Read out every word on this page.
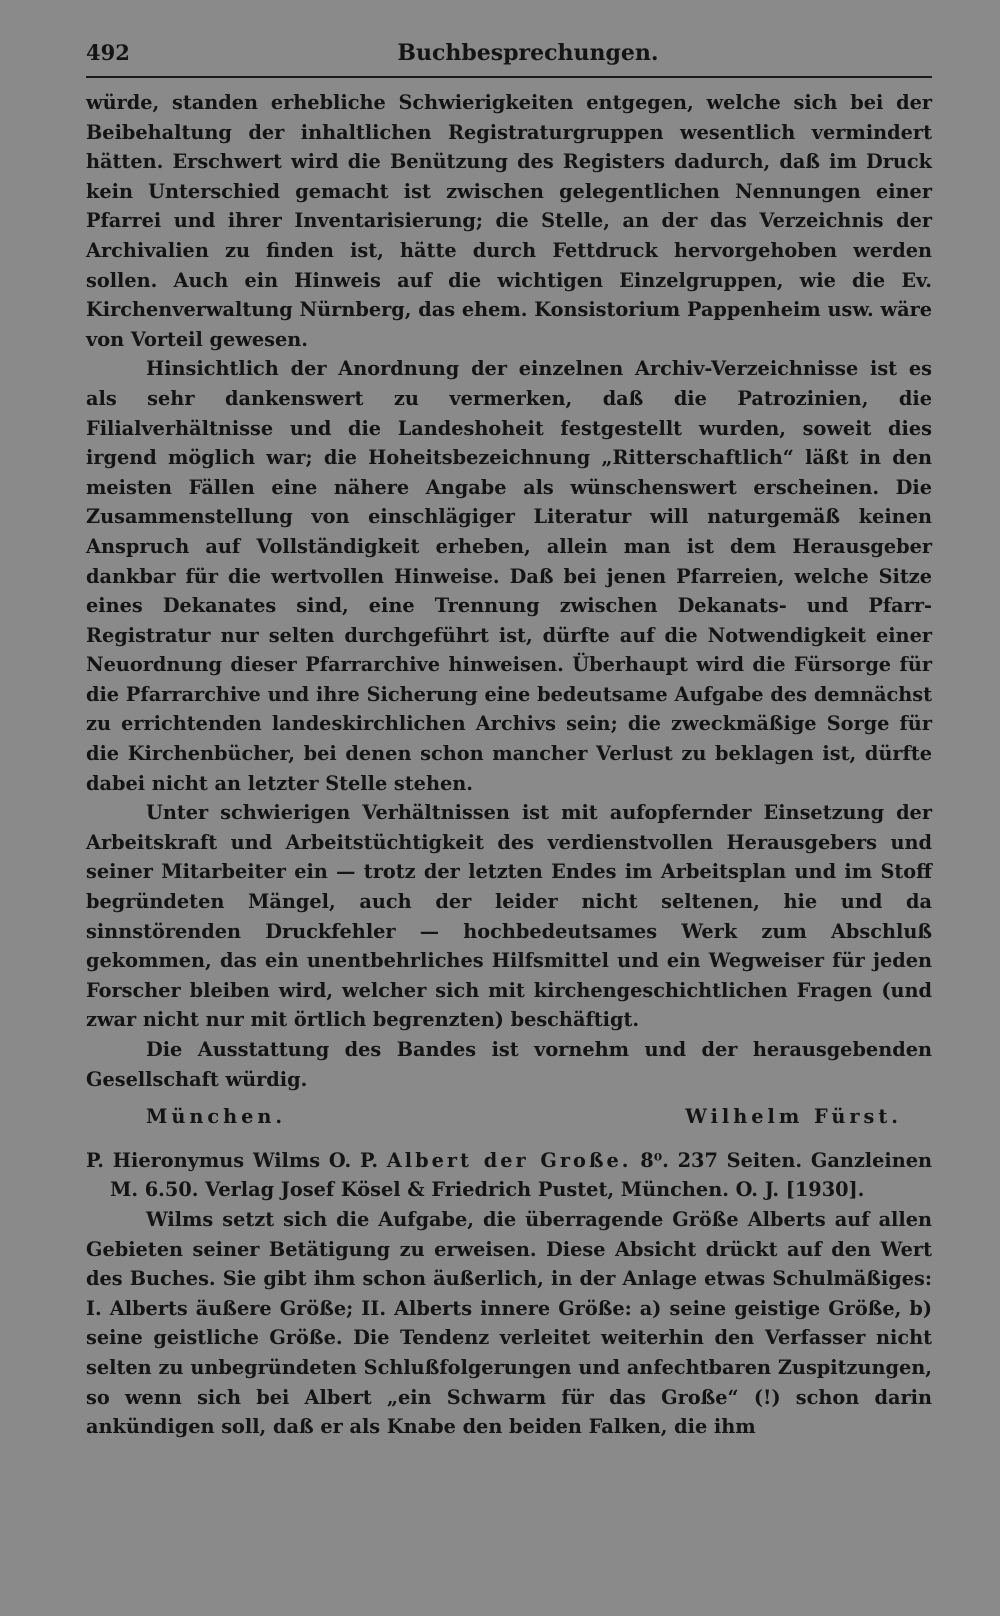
492	Buchbesprechungen.

würde, standen erhebliche Schwierigkeiten entgegen, welche sich bei der Beibehaltung der inhaltlichen Registraturgruppen wesentlich vermindert hätten. Erschwert wird die Benützung des Registers dadurch, daß im Druck kein Unterschied gemacht ist zwischen gelegentlichen Nennungen einer Pfarrei und ihrer Inventarisierung; die Stelle, an der das Verzeichnis der Archivalien zu finden ist, hätte durch Fettdruck hervorgehoben werden sollen. Auch ein Hinweis auf die wichtigen Einzelgruppen, wie die Ev. Kirchenverwaltung Nürnberg, das ehem. Konsistorium Pappenheim usw. wäre von Vorteil gewesen.

Hinsichtlich der Anordnung der einzelnen Archiv-Verzeichnisse ist es als sehr dankenswert zu vermerken, daß die Patrozinien, die Filialverhältnisse und die Landeshoheit festgestellt wurden, soweit dies irgend möglich war; die Hoheitsbezeichnung „Ritterschaftlich“ läßt in den meisten Fällen eine nähere Angabe als wünschenswert erscheinen. Die Zusammenstellung von einschlägiger Literatur will naturgemäß keinen Anspruch auf Vollständigkeit erheben, allein man ist dem Herausgeber dankbar für die wertvollen Hinweise. Daß bei jenen Pfarreien, welche Sitze eines Dekanates sind, eine Trennung zwischen Dekanats- und Pfarr-Registratur nur selten durchgeführt ist, dürfte auf die Notwendigkeit einer Neuordnung dieser Pfarrarchive hinweisen. Überhaupt wird die Fürsorge für die Pfarrarchive und ihre Sicherung eine bedeutsame Aufgabe des demnächst zu errichtenden landeskirchlichen Archivs sein; die zweckmäßige Sorge für die Kirchenbücher, bei denen schon mancher Verlust zu beklagen ist, dürfte dabei nicht an letzter Stelle stehen.

Unter schwierigen Verhältnissen ist mit aufopfernder Einsetzung der Arbeitskraft und Arbeitstüchtigkeit des verdienstvollen Herausgebers und seiner Mitarbeiter ein — trotz der letzten Endes im Arbeitsplan und im Stoff begründeten Mängel, auch der leider nicht seltenen, hie und da sinnstörenden Druckfehler — hochbedeutsames Werk zum Abschluß gekommen, das ein unentbehrliches Hilfsmittel und ein Wegweiser für jeden Forscher bleiben wird, welcher sich mit kirchengeschichtlichen Fragen (und zwar nicht nur mit örtlich begrenzten) beschäftigt.

Die Ausstattung des Bandes ist vornehm und der herausgebenden Gesellschaft würdig.

München.	Wilhelm Fürst.

P. Hieronymus Wilms O. P. Albert der Große. 8⁰. 237 Seiten. Ganzleinen M. 6.50. Verlag Josef Kösel & Friedrich Pustet, München. O. J. [1930].

Wilms setzt sich die Aufgabe, die überragende Größe Alberts auf allen Gebieten seiner Betätigung zu erweisen. Diese Absicht drückt auf den Wert des Buches. Sie gibt ihm schon äußerlich, in der Anlage etwas Schulmäßiges: I. Alberts äußere Größe; II. Alberts innere Größe: a) seine geistige Größe, b) seine geistliche Größe. Die Tendenz verleitet weiterhin den Verfasser nicht selten zu unbegründeten Schlußfolgerungen und anfechtbaren Zuspitzungen, so wenn sich bei Albert „ein Schwarm für das Große“ (!) schon darin ankündigen soll, daß er als Knabe den beiden Falken, die ihm
